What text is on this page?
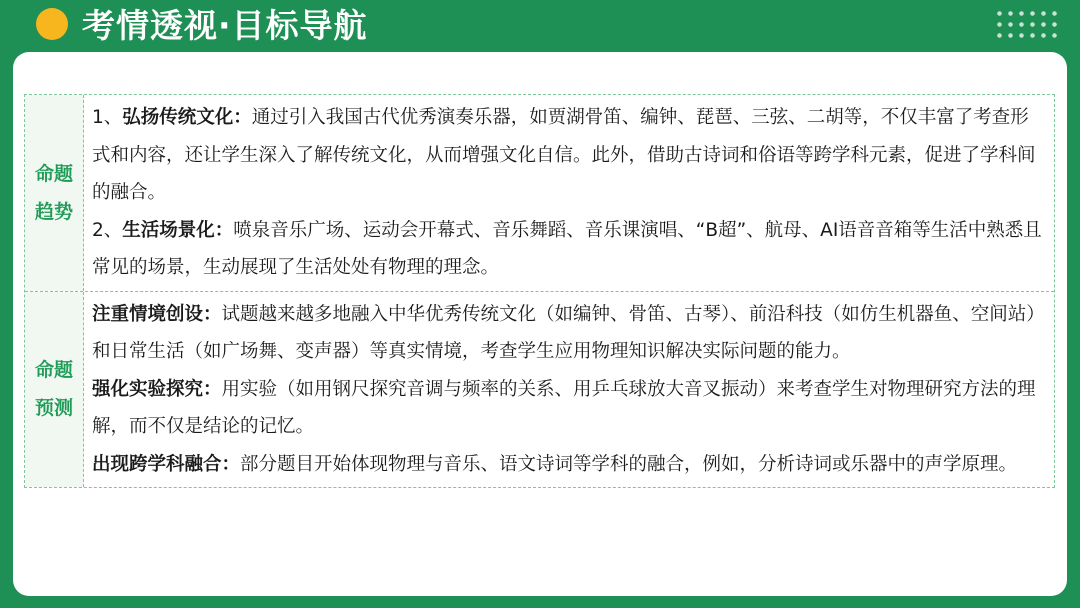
考情透视·目标导航
命题趋势

1、弘扬传统文化：通过引入我国古代优秀演奏乐器，如贾湖骨笛、编钟、琵琶、三弦、二胡等，不仅丰富了考查形式和内容，还让学生深入了解传统文化，从而增强文化自信。此外，借助古诗词和俗语等跨学科元素，促进了学科间的融合。

2、生活场景化：喷泉音乐广场、运动会开幕式、音乐舞蹈、音乐课演唱、“B超”、航母、AI语音音箱等生活中熟悉且常见的场景，生动展现了生活处处有物理的理念。

命题预测

注重情境创设：试题越来越多地融入中华优秀传统文化（如编钟、骨笛、古琴）、前沿科技（如仿生机器鱼、空间站）和日常生活（如广场舞、变声器）等真实情境，考查学生应用物理知识解决实际问题的能力。

强化实验探究：用实验（如用钢尺探究音调与频率的关系、用乒乓球放大音叉振动）来考查学生对物理研究方法的理解，而不仅是结论的记忆。

出现跨学科融合：部分题目开始体现物理与音乐、语文诗词等学科的融合，例如，分析诗词或乐器中的声学原理。
